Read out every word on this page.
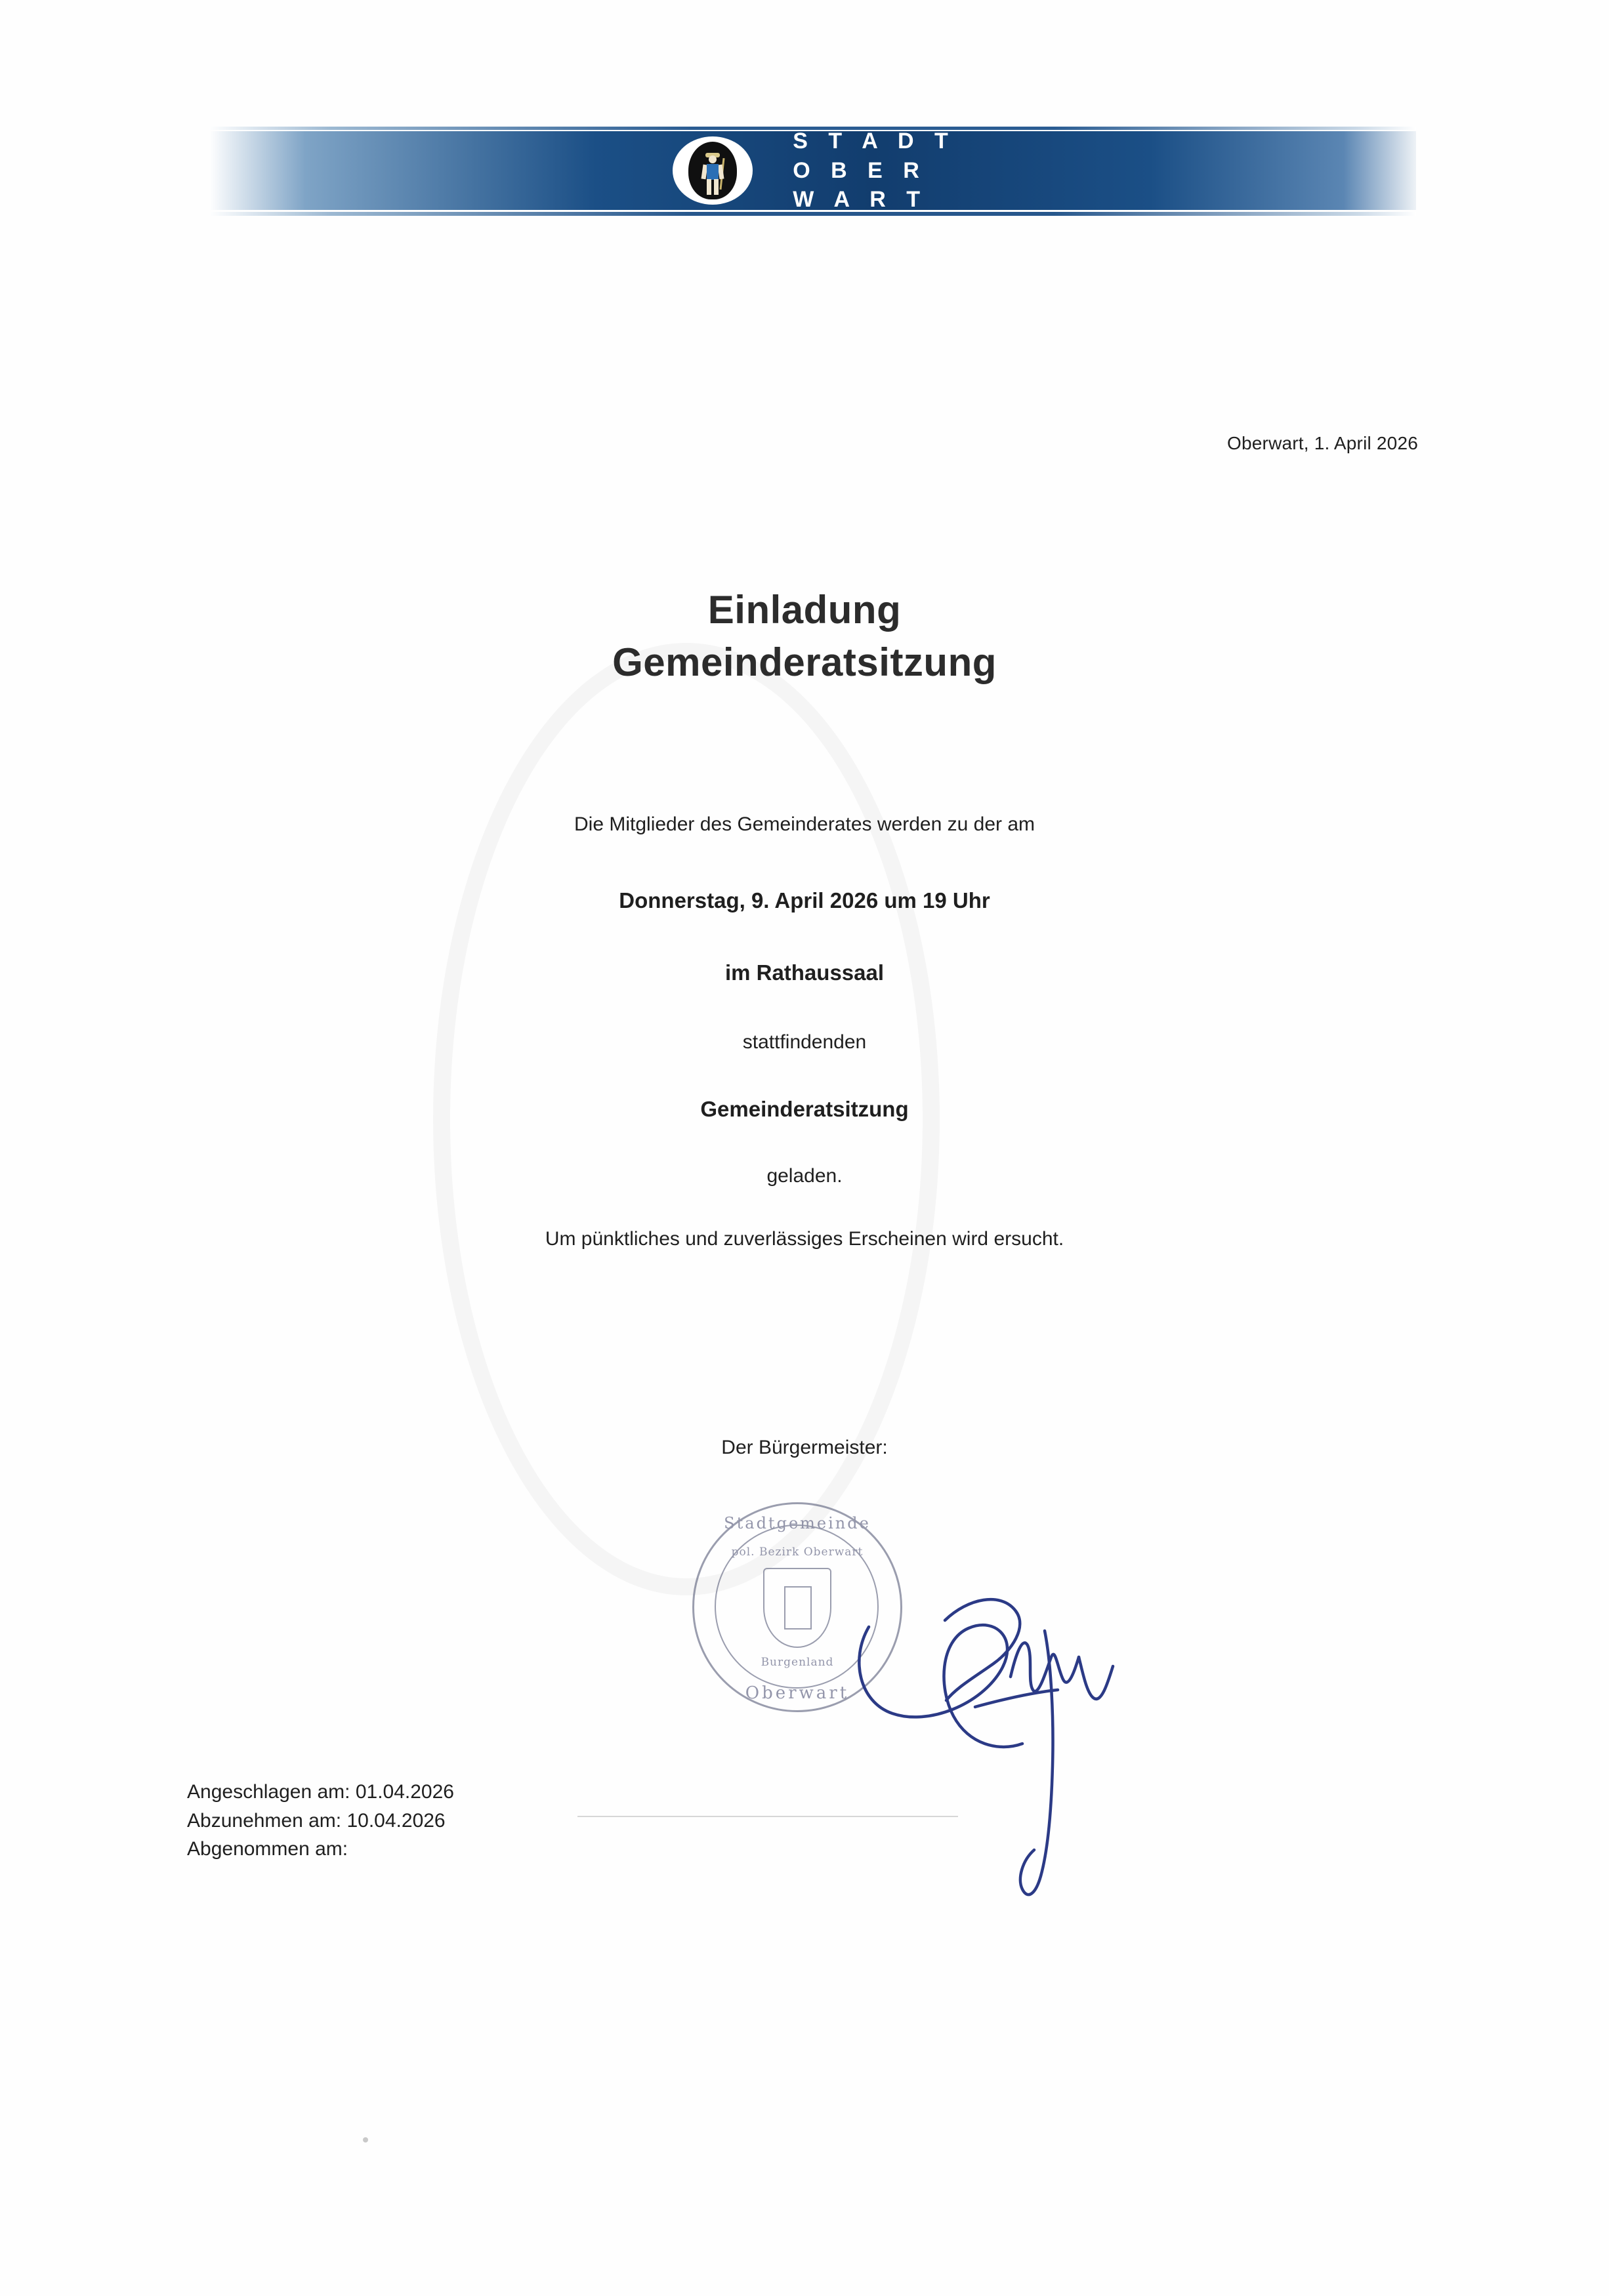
S T A D T
O B E R
W A R T
Oberwart, 1. April 2026
Einladung
Gemeinderatsitzung

Die Mitglieder des Gemeinderates werden zu der am

Donnerstag, 9. April 2026 um 19 Uhr

im Rathaussaal

stattfindenden

Gemeinderatsitzung

geladen.

Um pünktliches und zuverlässiges Erscheinen wird ersucht.

Der Bürgermeister:
Stadtgemeinde
pol. Bezirk Oberwart
Burgenland
Oberwart
Angeschlagen am: 01.04.2026
Abzunehmen am: 10.04.2026
Abgenommen am:
